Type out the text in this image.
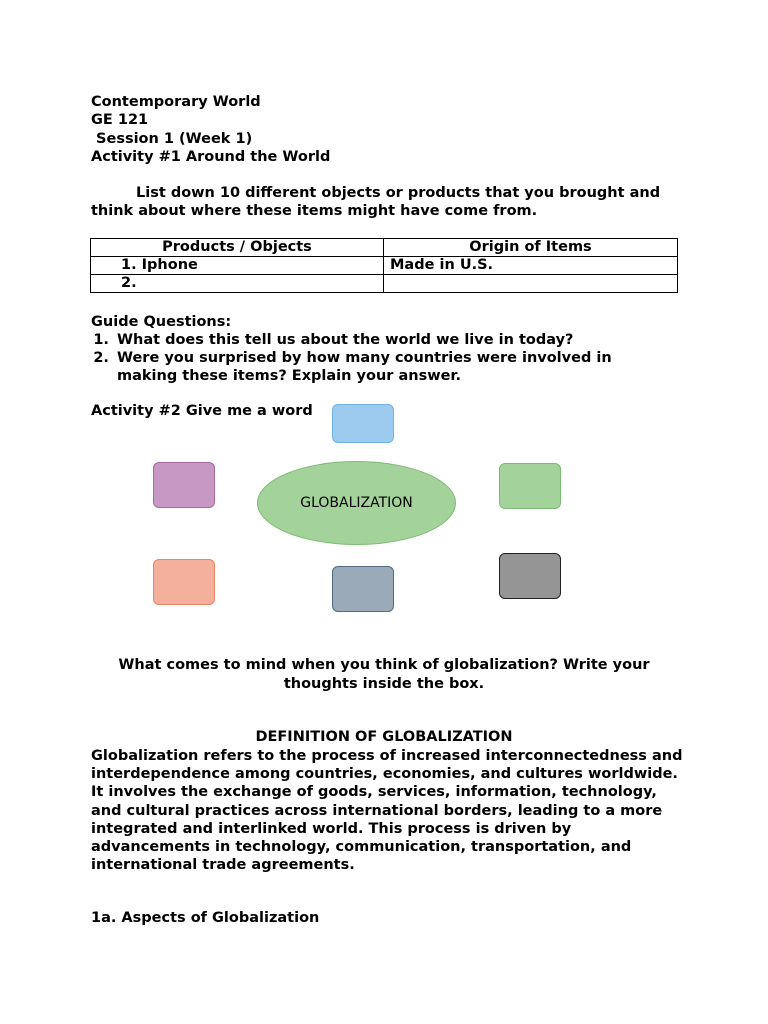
Contemporary World
GE 121
Session 1 (Week 1)
Activity #1 Around the World
List down 10 different objects or products that you brought and think about where these items might have come from.
Products / Objects	Origin of Items
1. Iphone	Made in U.S.
2.	
Guide Questions:
1. What does this tell us about the world we live in today?
2. Were you surprised by how many countries were involved in making these items? Explain your answer.
Activity #2 Give me a word
GLOBALIZATION
What comes to mind when you think of globalization? Write your thoughts inside the box.
DEFINITION OF GLOBALIZATION
Globalization refers to the process of increased interconnectedness and interdependence among countries, economies, and cultures worldwide. It involves the exchange of goods, services, information, technology, and cultural practices across international borders, leading to a more integrated and interlinked world. This process is driven by advancements in technology, communication, transportation, and international trade agreements.
1a. Aspects of Globalization
